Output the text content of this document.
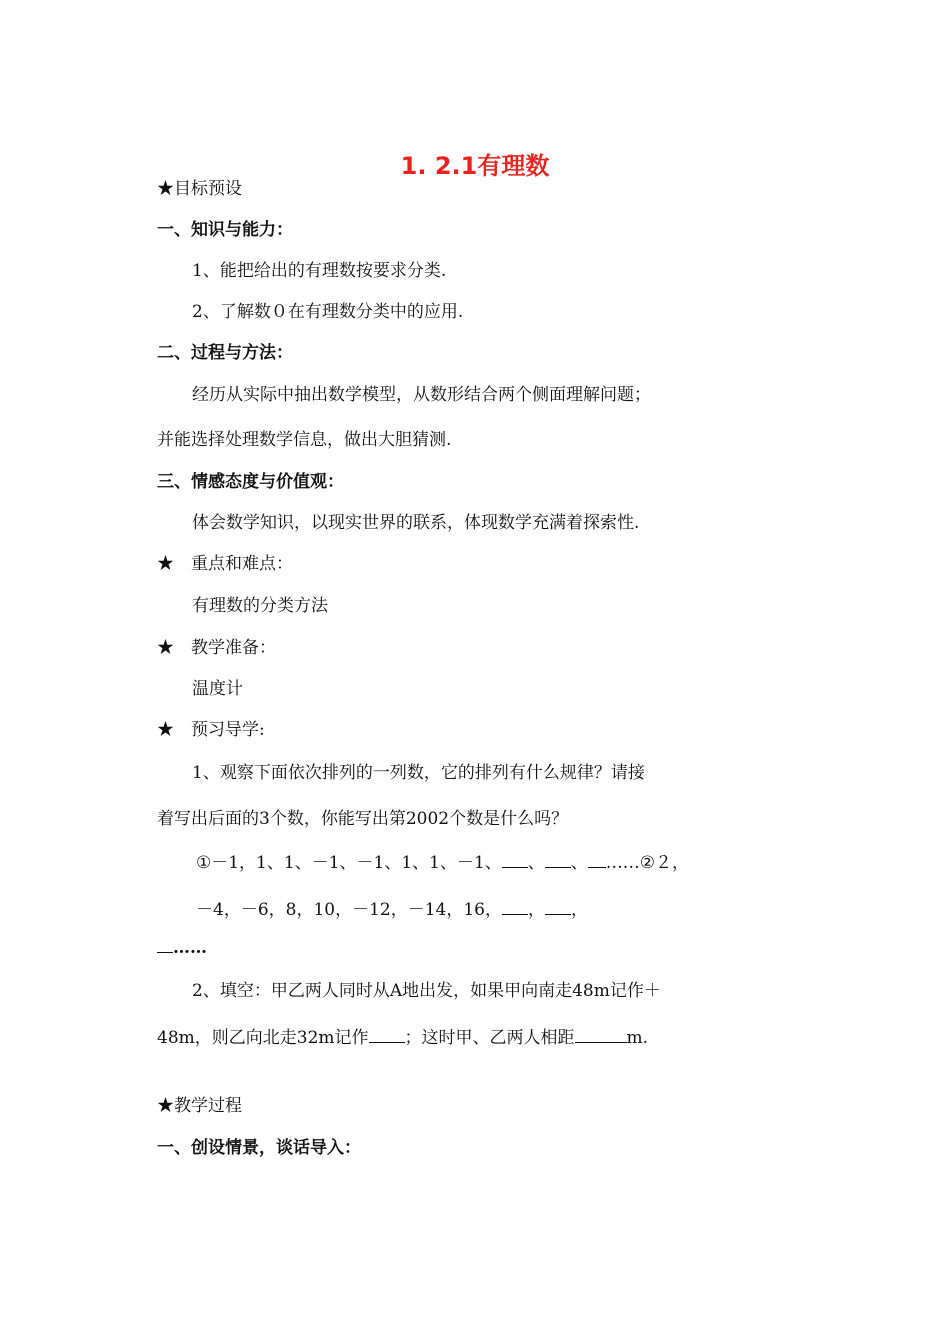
1. 2.1有理数
★目标预设
一、知识与能力：
1、能把给出的有理数按要求分类.
2、了解数０在有理数分类中的应用.
二、过程与方法：
经历从实际中抽出数学模型，从数形结合两个侧面理解问题；
并能选择处理数学信息，做出大胆猜测.
三、情感态度与价值观：
体会数学知识，以现实世界的联系，体现数学充满着探索性.
★　重点和难点：
有理数的分类方法
★　教学准备：
温度计
★　预习导学:
1、观察下面依次排列的一列数，它的排列有什么规律？请接
着写出后面的3个数，你能写出第2002个数是什么吗？
①－1，1、1、－1、－1、1、1、－1、 、 、 ……②２，
－4，－6，8，10，－12，－14，16， ， ，
……
2、填空：甲乙两人同时从A地出发，如果甲向南走48m记作＋
48m，则乙向北走32m记作 ；这时甲、乙两人相距	m.
★教学过程
一、创设情景，谈话导入：
